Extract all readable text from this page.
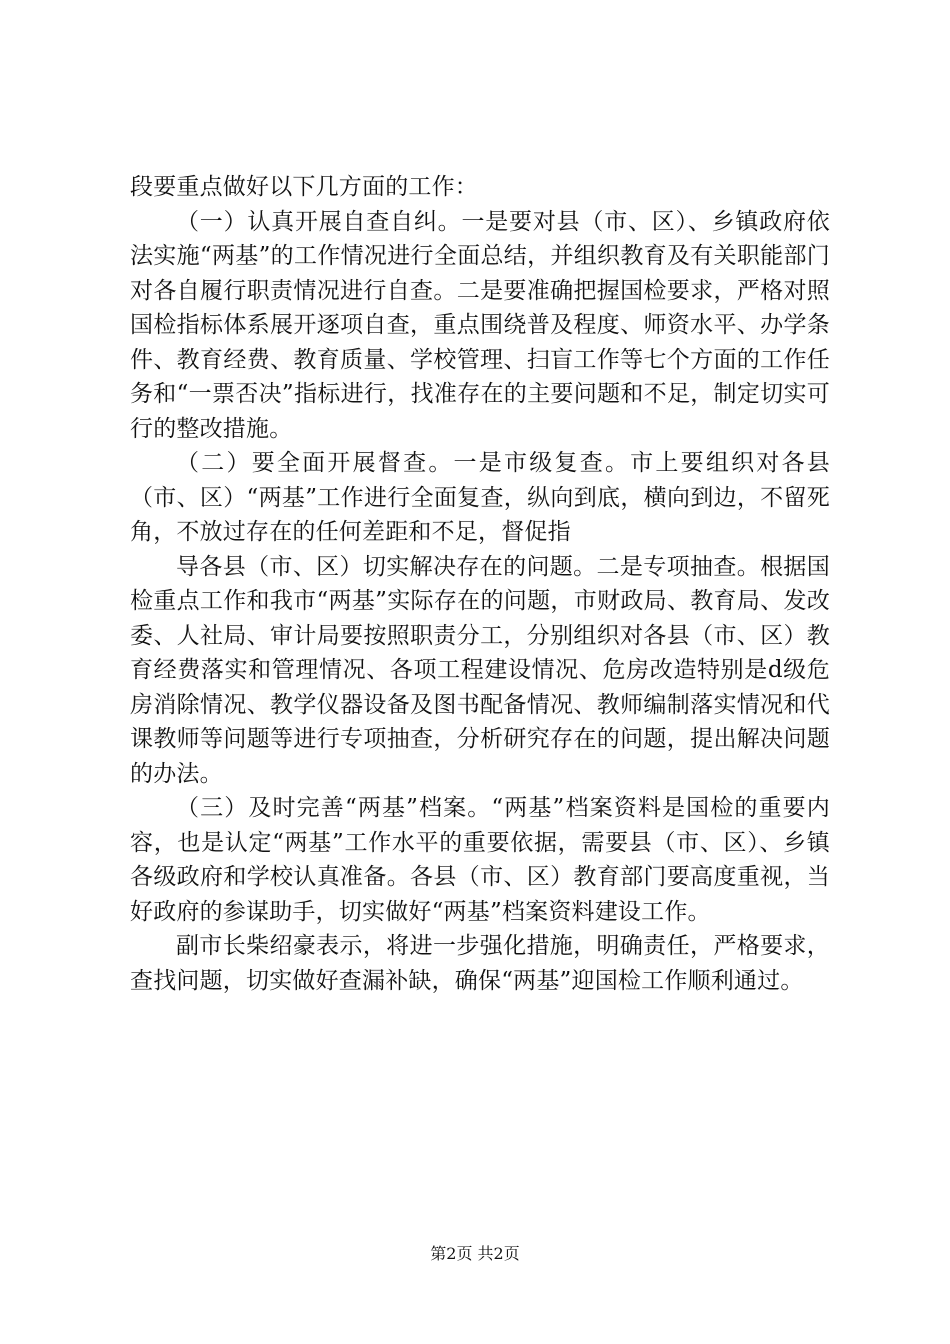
段要重点做好以下几方面的工作：

（一）认真开展自查自纠。一是要对县（市、区）、乡镇政府依法实施“两基”的工作情况进行全面总结，并组织教育及有关职能部门对各自履行职责情况进行自查。二是要准确把握国检要求，严格对照国检指标体系展开逐项自查，重点围绕普及程度、师资水平、办学条件、教育经费、教育质量、学校管理、扫盲工作等七个方面的工作任务和“一票否决”指标进行，找准存在的主要问题和不足，制定切实可行的整改措施。

（二）要全面开展督查。一是市级复查。市上要组织对各县（市、区）“两基”工作进行全面复查，纵向到底，横向到边，不留死角，不放过存在的任何差距和不足，督促指

导各县（市、区）切实解决存在的问题。二是专项抽查。根据国检重点工作和我市“两基”实际存在的问题，市财政局、教育局、发改委、人社局、审计局要按照职责分工，分别组织对各县（市、区）教育经费落实和管理情况、各项工程建设情况、危房改造特别是d级危房消除情况、教学仪器设备及图书配备情况、教师编制落实情况和代课教师等问题等进行专项抽查，分析研究存在的问题，提出解决问题的办法。

（三）及时完善“两基”档案。“两基”档案资料是国检的重要内容，也是认定“两基”工作水平的重要依据，需要县（市、区）、乡镇各级政府和学校认真准备。各县（市、区）教育部门要高度重视，当好政府的参谋助手，切实做好“两基”档案资料建设工作。

副市长柴绍豪表示，将进一步强化措施，明确责任，严格要求，查找问题，切实做好查漏补缺，确保“两基”迎国检工作顺利通过。

第2页 共2页
